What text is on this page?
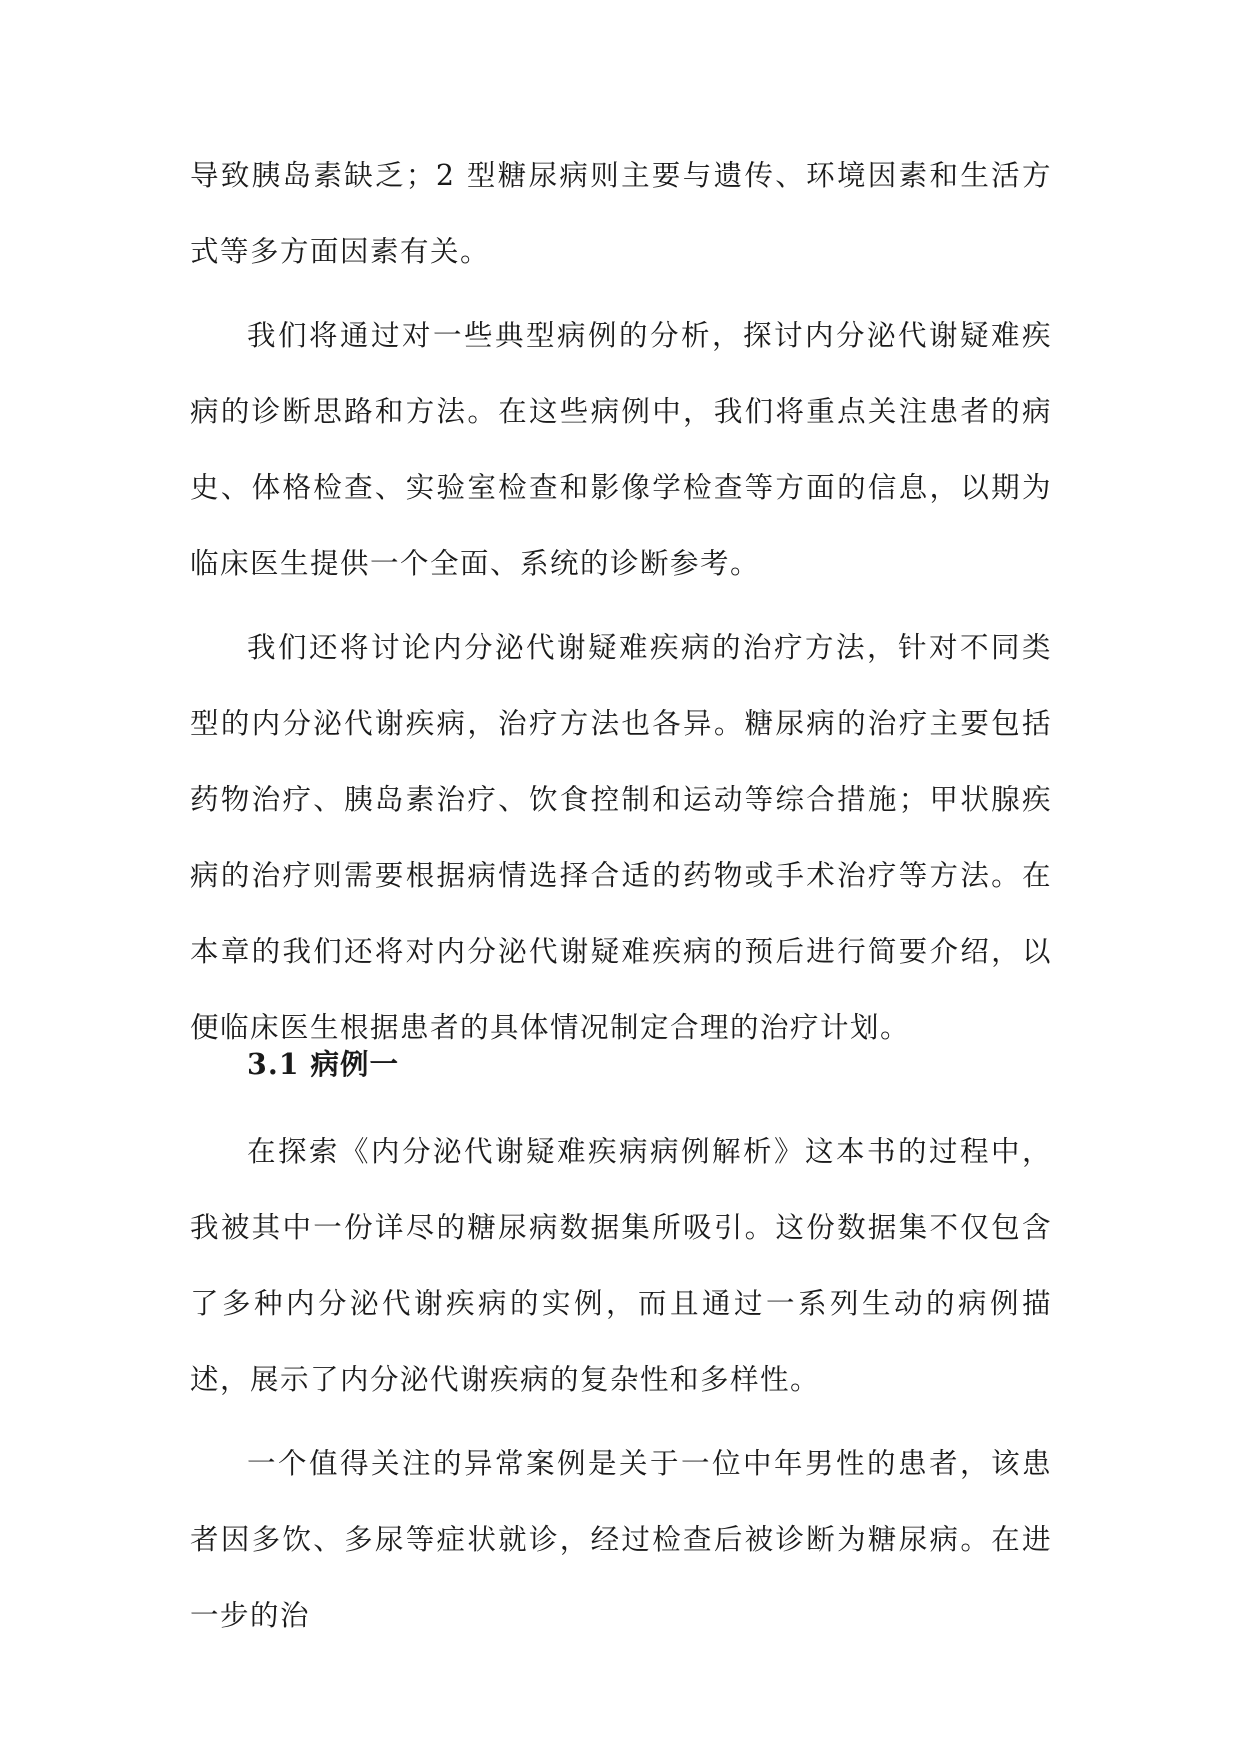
导致胰岛素缺乏；2 型糖尿病则主要与遗传、环境因素和生活方式等多方面因素有关。

我们将通过对一些典型病例的分析，探讨内分泌代谢疑难疾病的诊断思路和方法。在这些病例中，我们将重点关注患者的病史、体格检查、实验室检查和影像学检查等方面的信息，以期为临床医生提供一个全面、系统的诊断参考。

我们还将讨论内分泌代谢疑难疾病的治疗方法，针对不同类型的内分泌代谢疾病，治疗方法也各异。糖尿病的治疗主要包括药物治疗、胰岛素治疗、饮食控制和运动等综合措施；甲状腺疾病的治疗则需要根据病情选择合适的药物或手术治疗等方法。在本章的我们还将对内分泌代谢疑难疾病的预后进行简要介绍，以便临床医生根据患者的具体情况制定合理的治疗计划。

3.1 病例一

在探索《内分泌代谢疑难疾病病例解析》这本书的过程中，我被其中一份详尽的糖尿病数据集所吸引。这份数据集不仅包含了多种内分泌代谢疾病的实例，而且通过一系列生动的病例描述，展示了内分泌代谢疾病的复杂性和多样性。

一个值得关注的异常案例是关于一位中年男性的患者，该患者因多饮、多尿等症状就诊，经过检查后被诊断为糖尿病。在进一步的治
